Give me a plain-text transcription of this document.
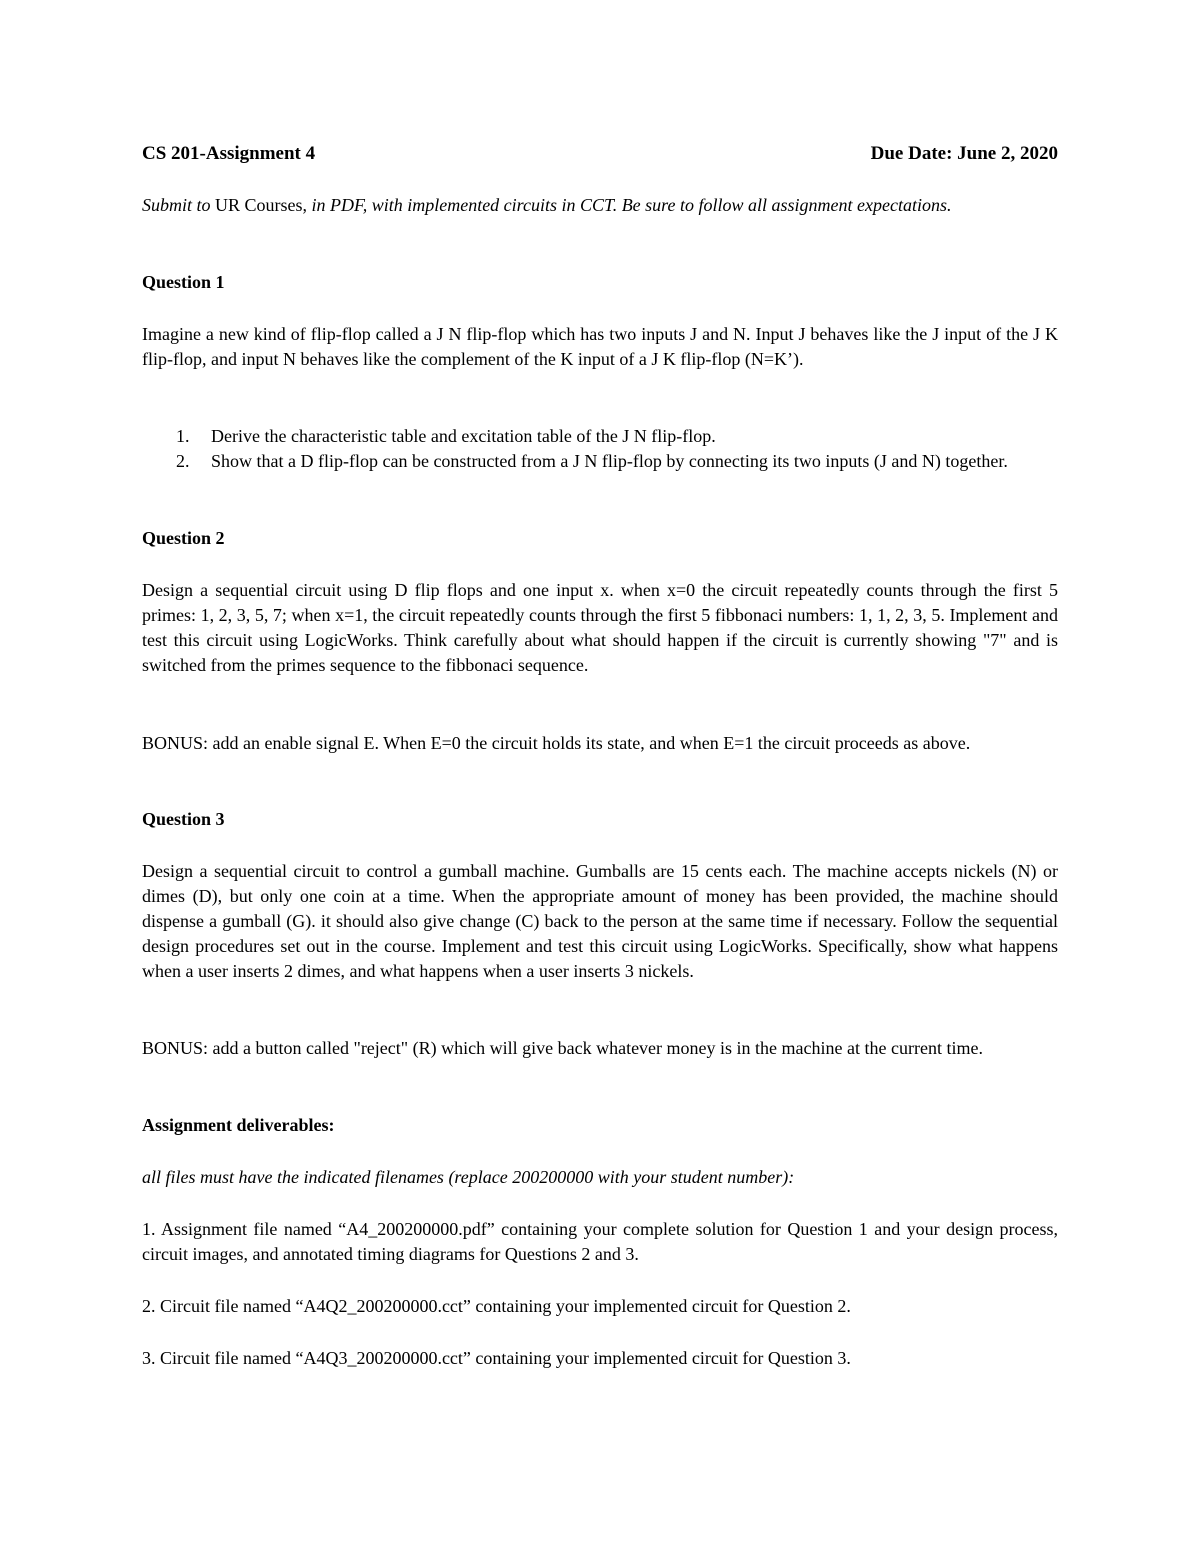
CS 201-Assignment 4	Due Date: June 2, 2020

Submit to UR Courses, in PDF, with implemented circuits in CCT. Be sure to follow all assignment expectations.

Question 1

Imagine a new kind of flip-flop called a J N flip-flop which has two inputs J and N. Input J behaves like the J input of the J K flip-flop, and input N behaves like the complement of the K input of a J K flip-flop (N=K’).

1. Derive the characteristic table and excitation table of the J N flip-flop.
2. Show that a D flip-flop can be constructed from a J N flip-flop by connecting its two inputs (J and N) together.

Question 2

Design a sequential circuit using D flip flops and one input x. when x=0 the circuit repeatedly counts through the first 5 primes: 1, 2, 3, 5, 7; when x=1, the circuit repeatedly counts through the first 5 fibbonaci numbers: 1, 1, 2, 3, 5. Implement and test this circuit using LogicWorks. Think carefully about what should happen if the circuit is currently showing "7" and is switched from the primes sequence to the fibbonaci sequence.

BONUS: add an enable signal E. When E=0 the circuit holds its state, and when E=1 the circuit proceeds as above.

Question 3

Design a sequential circuit to control a gumball machine. Gumballs are 15 cents each. The machine accepts nickels (N) or dimes (D), but only one coin at a time. When the appropriate amount of money has been provided, the machine should dispense a gumball (G). it should also give change (C) back to the person at the same time if necessary. Follow the sequential design procedures set out in the course. Implement and test this circuit using LogicWorks. Specifically, show what happens when a user inserts 2 dimes, and what happens when a user inserts 3 nickels.

BONUS: add a button called "reject" (R) which will give back whatever money is in the machine at the current time.

Assignment deliverables:

all files must have the indicated filenames (replace 200200000 with your student number):

1. Assignment file named “A4_200200000.pdf” containing your complete solution for Question 1 and your design process, circuit images, and annotated timing diagrams for Questions 2 and 3.

2. Circuit file named “A4Q2_200200000.cct” containing your implemented circuit for Question 2.

3. Circuit file named “A4Q3_200200000.cct” containing your implemented circuit for Question 3.
